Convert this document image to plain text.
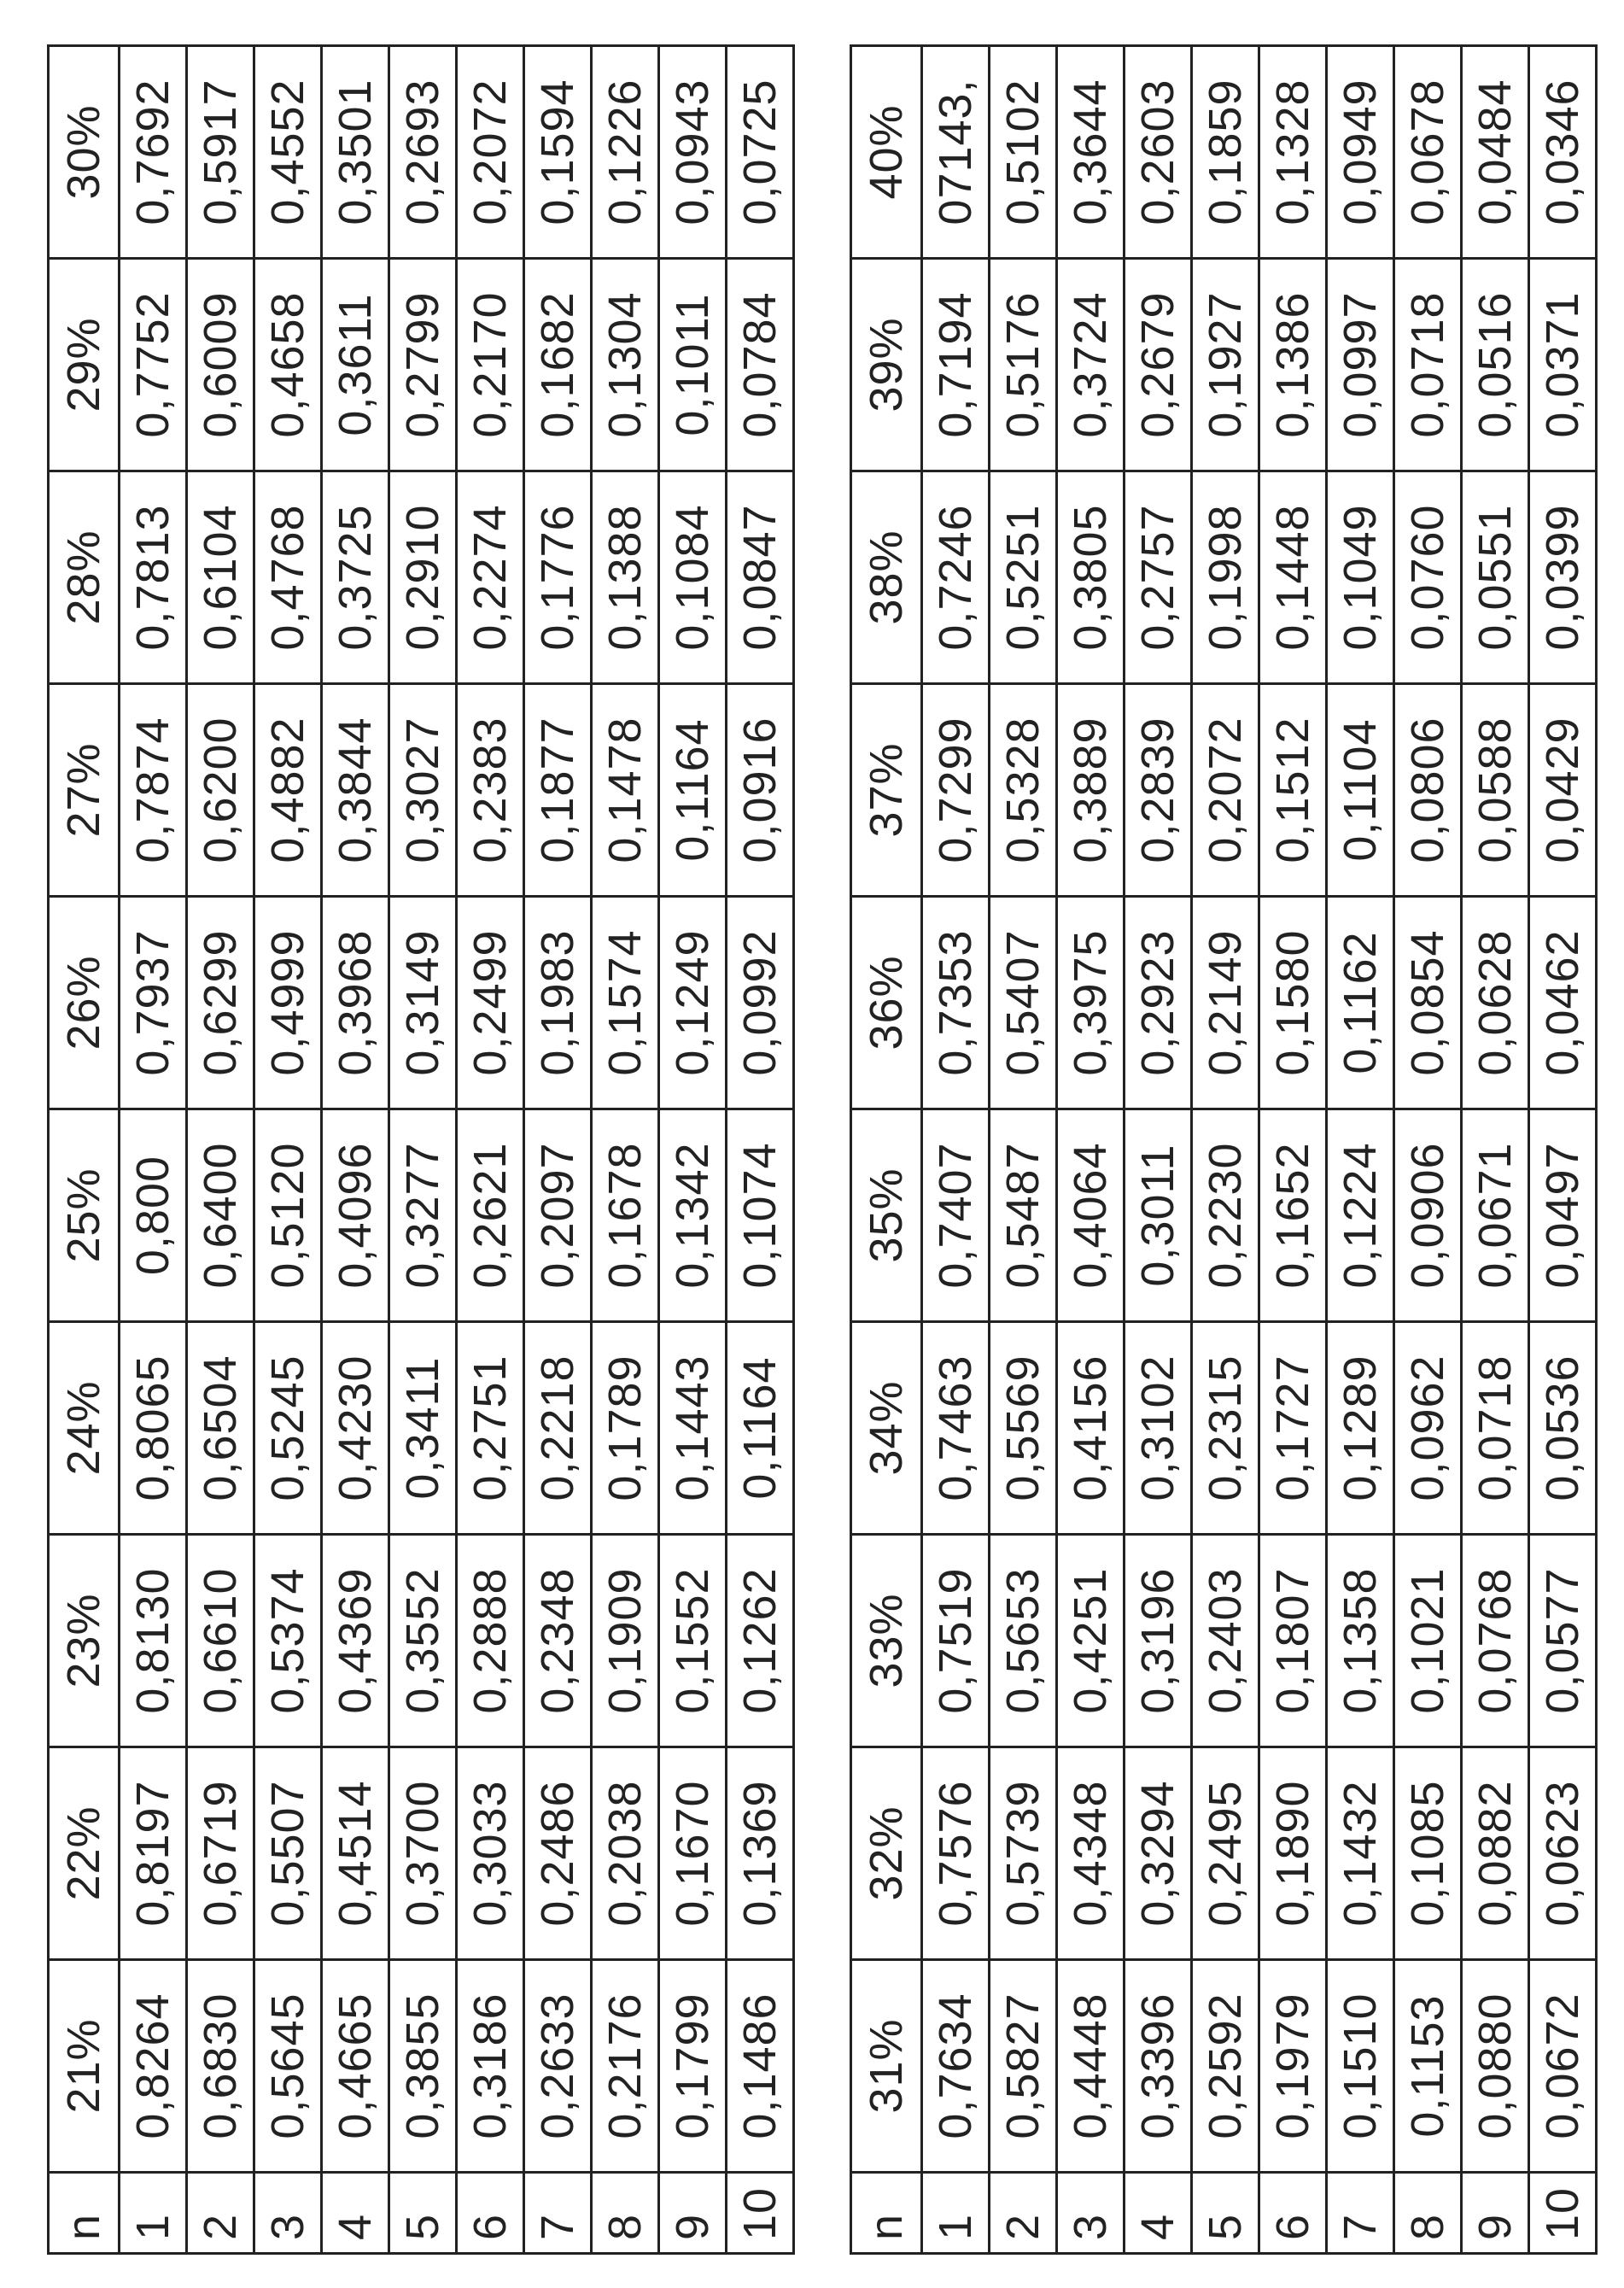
n	21%	22%	23%	24%	25%	26%	27%	28%	29%	30%
1	0,8264	0,8197	0,8130	0,8065	0,800	0,7937	0,7874	0,7813	0,7752	0,7692
2	0,6830	0,6719	0,6610	0,6504	0,6400	0,6299	0,6200	0,6104	0,6009	0,5917
3	0,5645	0,5507	0,5374	0,5245	0,5120	0,4999	0,4882	0,4768	0,4658	0,4552
4	0,4665	0,4514	0,4369	0,4230	0,4096	0,3968	0,3844	0,3725	0,3611	0,3501
5	0,3855	0,3700	0,3552	0,3411	0,3277	0,3149	0,3027	0,2910	0,2799	0,2693
6	0,3186	0,3033	0,2888	0,2751	0,2621	0,2499	0,2383	0,2274	0,2170	0,2072
7	0,2633	0,2486	0,2348	0,2218	0,2097	0,1983	0,1877	0,1776	0,1682	0,1594
8	0,2176	0,2038	0,1909	0,1789	0,1678	0,1574	0,1478	0,1388	0,1304	0,1226
9	0,1799	0,1670	0,1552	0,1443	0,1342	0,1249	0,1164	0,1084	0,1011	0,0943
10	0,1486	0,1369	0,1262	0,1164	0,1074	0,0992	0,0916	0,0847	0,0784	0,0725
n	31%	32%	33%	34%	35%	36%	37%	38%	39%	40%
1	0,7634	0,7576	0,7519	0,7463	0,7407	0,7353	0,7299	0,7246	0,7194	07143,
2	0,5827	0,5739	0,5653	0,5569	0,5487	0,5407	0,5328	0,5251	0,5176	0,5102
3	0,4448	0,4348	0,4251	0,4156	0,4064	0,3975	0,3889	0,3805	0,3724	0,3644
4	0,3396	0,3294	0,3196	0,3102	0,3011	0,2923	0,2839	0,2757	0,2679	0,2603
5	0,2592	0,2495	0,2403	0,2315	0,2230	0,2149	0,2072	0,1998	0,1927	0,1859
6	0,1979	0,1890	0,1807	0,1727	0,1652	0,1580	0,1512	0,1448	0,1386	0,1328
7	0,1510	0,1432	0,1358	0,1289	0,1224	0,1162	0,1104	0,1049	0,0997	0,0949
8	0,1153	0,1085	0,1021	0,0962	0,0906	0,0854	0,0806	0,0760	0,0718	0,0678
9	0,0880	0,0882	0,0768	0,0718	0,0671	0,0628	0,0588	0,0551	0,0516	0,0484
10	0,0672	0,0623	0,0577	0,0536	0,0497	0,0462	0,0429	0,0399	0,0371	0,0346
